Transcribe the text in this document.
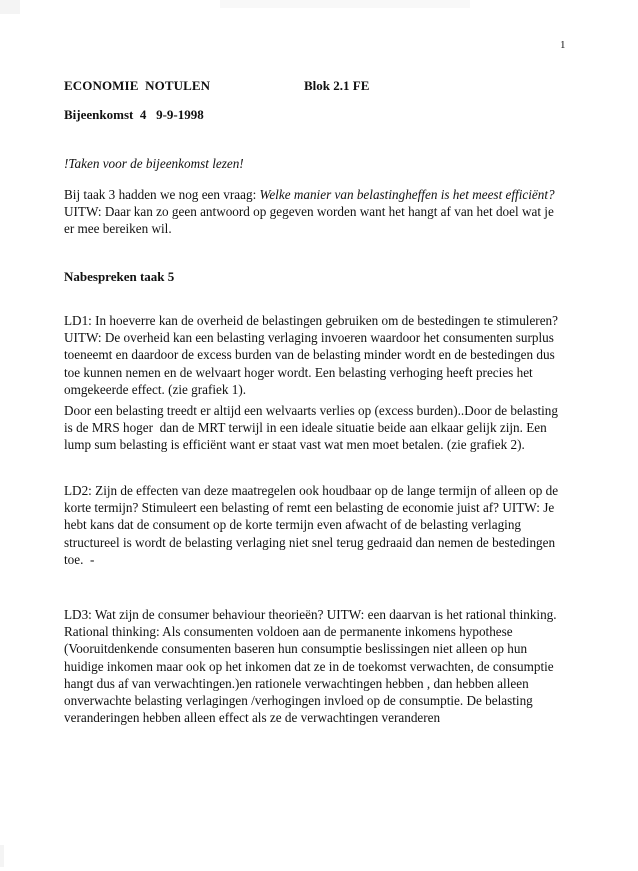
1
ECONOMIE  NOTULEN	Blok 2.1 FE
Bijeenkomst  4   9-9-1998
!Taken voor de bijeenkomst lezen!
Bij taak 3 hadden we nog een vraag: Welke manier van belastingheffen is het meest efficiënt?
UITW: Daar kan zo geen antwoord op gegeven worden want het hangt af van het doel wat je
er mee bereiken wil.
Nabespreken taak 5
LD1: In hoeverre kan de overheid de belastingen gebruiken om de bestedingen te stimuleren?
UITW: De overheid kan een belasting verlaging invoeren waardoor het consumenten surplus
toeneemt en daardoor de excess burden van de belasting minder wordt en de bestedingen dus
toe kunnen nemen en de welvaart hoger wordt. Een belasting verhoging heeft precies het
omgekeerde effect. (zie grafiek 1).
Door een belasting treedt er altijd een welvaarts verlies op (excess burden)..Door de belasting
is de MRS hoger  dan de MRT terwijl in een ideale situatie beide aan elkaar gelijk zijn. Een
lump sum belasting is efficiënt want er staat vast wat men moet betalen. (zie grafiek 2).
LD2: Zijn de effecten van deze maatregelen ook houdbaar op de lange termijn of alleen op de
korte termijn? Stimuleert een belasting of remt een belasting de economie juist af? UITW: Je
hebt kans dat de consument op de korte termijn even afwacht of de belasting verlaging
structureel is wordt de belasting verlaging niet snel terug gedraaid dan nemen de bestedingen
toe.  -
LD3: Wat zijn de consumer behaviour theorieën? UITW: een daarvan is het rational thinking.
Rational thinking: Als consumenten voldoen aan de permanente inkomens hypothese
(Vooruitdenkende consumenten baseren hun consumptie beslissingen niet alleen op hun
huidige inkomen maar ook op het inkomen dat ze in de toekomst verwachten, de consumptie
hangt dus af van verwachtingen.)en rationele verwachtingen hebben , dan hebben alleen
onverwachte belasting verlagingen /verhogingen invloed op de consumptie. De belasting
veranderingen hebben alleen effect als ze de verwachtingen veranderen
